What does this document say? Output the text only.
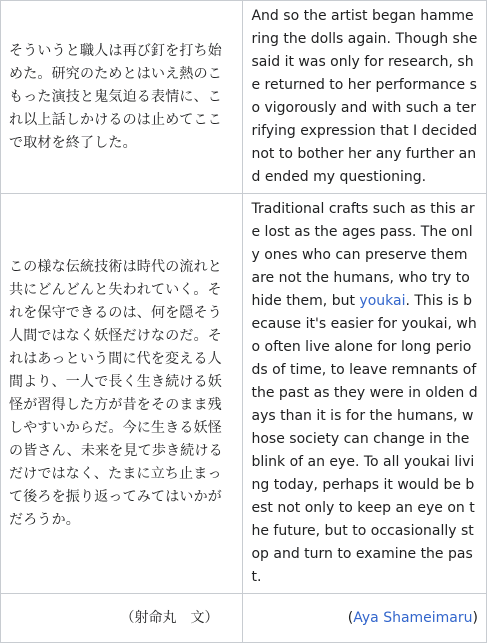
そういうと職人は再び釘を打ち始めた。研究のためとはいえ熱のこもった演技と鬼気迫る表情に、これ以上話しかけるのは止めてここで取材を終了した。	And so the artist began hammering the dolls again. Though she said it was only for research, she returned to her performance so vigorously and with such a terrifying expression that I decided not to bother her any further and ended my questioning.
この様な伝統技術は時代の流れと共にどんどんと失われていく。それを保守できるのは、何を隠そう人間ではなく妖怪だけなのだ。それはあっという間に代を変える人間より、一人で長く生き続ける妖怪が習得した方が昔をそのまま残しやすいからだ。今に生きる妖怪の皆さん、未来を見て歩き続けるだけではなく、たまに立ち止まって後ろを振り返ってみてはいかがだろうか。	Traditional crafts such as this are lost as the ages pass. The only ones who can preserve them are not the humans, who try to hide them, but youkai. This is because it's easier for youkai, who often live alone for long periods of time, to leave remnants of the past as they were in olden days than it is for the humans, whose society can change in the blink of an eye. To all youkai living today, perhaps it would be best not only to keep an eye on the future, but to occasionally stop and turn to examine the past.
（射命丸　文）	(Aya Shameimaru)
